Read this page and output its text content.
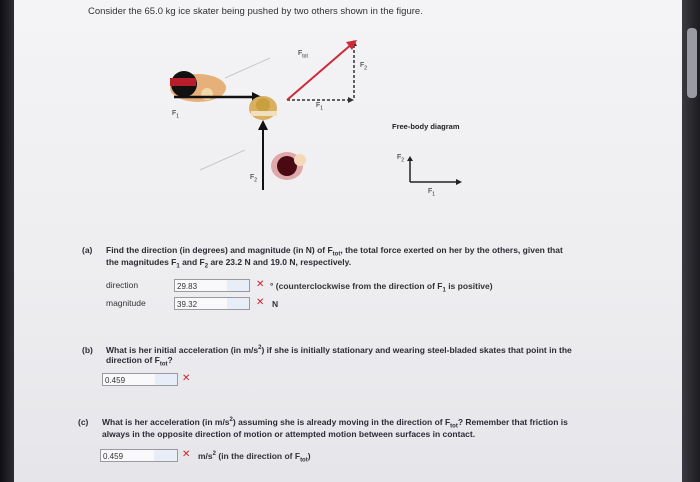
Consider the 65.0 kg ice skater being pushed by two others shown in the figure.
$F_{tot}$
$F_2$
$F_1$
$F_1$
$F_2$
Free-body diagram
$F_2$
$F_1$
(a) Find the direction (in degrees) and magnitude (in N) of $F_{tot}$, the total force exerted on her by the others, given that
the magnitudes $F_1$ and $F_2$ are 23.2 N and 19.0 N, respectively.
direction	29.83	✕ ° (counterclockwise from the direction of $F_1$ is positive)
magnitude	39.32	✕ N
(b) What is her initial acceleration (in $m/s^2$) if she is initially stationary and wearing steel-bladed skates that point in the
direction of $F_{tot}$?
0.459	✕
(c) What is her acceleration (in $m/s^2$) assuming she is already moving in the direction of $F_{tot}$? Remember that friction is
always in the opposite direction of motion or attempted motion between surfaces in contact.
0.459	✕ $m/s^2$ (in the direction of $F_{tot}$)
